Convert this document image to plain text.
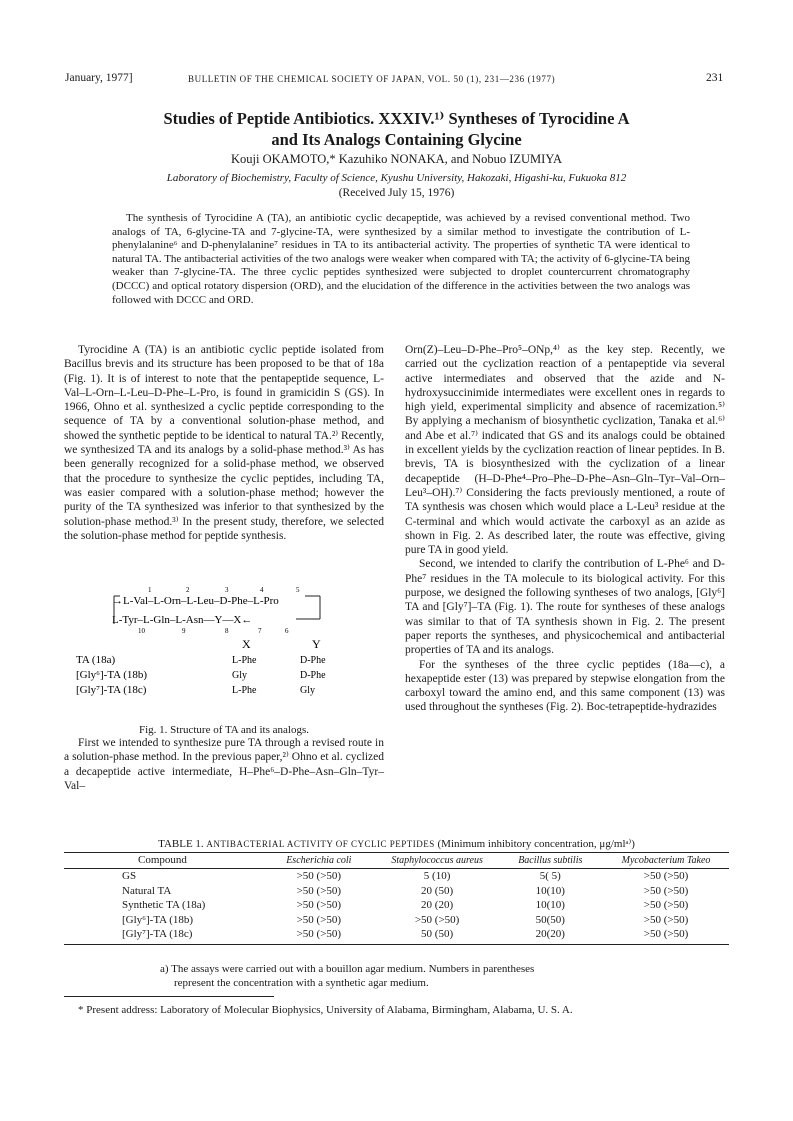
January, 1977]	BULLETIN OF THE CHEMICAL SOCIETY OF JAPAN, VOL. 50 (1), 231—236 (1977)	231
Studies of Peptide Antibiotics. XXXIV.¹⁾ Syntheses of Tyrocidine A
and Its Analogs Containing Glycine
Kouji OKAMOTO,* Kazuhiko NONAKA, and Nobuo IZUMIYA
Laboratory of Biochemistry, Faculty of Science, Kyushu University, Hakozaki, Higashi-ku, Fukuoka 812
(Received July 15, 1976)
The synthesis of Tyrocidine A (TA), an antibiotic cyclic decapeptide, was achieved by a revised conventional method. Two analogs of TA, 6-glycine-TA and 7-glycine-TA, were synthesized by a similar method to investigate the contribution of L-phenylalanine⁶ and D-phenylalanine⁷ residues in TA to its antibacterial activity. The properties of synthetic TA were identical to natural TA. The antibacterial activities of the two analogs were weaker when compared with TA; the activity of 6-glycine-TA being weaker than 7-glycine-TA. The three cyclic peptides synthesized were subjected to droplet countercurrent chromatography (DCCC) and optical rotatory dispersion (ORD), and the elucidation of the difference in the activities between the two analogs was followed with DCCC and ORD.

Tyrocidine A (TA) is an antibiotic cyclic peptide isolated from Bacillus brevis and its structure has been proposed to be that of 18a (Fig. 1). It is of interest to note that the pentapeptide sequence, L-Val–L-Orn–L-Leu–D-Phe–L-Pro, is found in gramicidin S (GS). In 1966, Ohno et al. synthesized a cyclic peptide corresponding to the sequence of TA by a conventional solution-phase method, and showed the synthetic peptide to be identical to natural TA.²⁾ Recently, we synthesized TA and its analogs by a solid-phase method.³⁾ As has been generally recognized for a solid-phase method, we observed that the procedure to synthesize the cyclic peptides, including TA, was easier compared with a solution-phase method; however the purity of the TA synthesized was inferior to that synthesized by the solution-phase method.³⁾ In the present study, therefore, we selected the solution-phase method for peptide synthesis.

1	2	3	4	5
→L-Val–L-Orn–L-Leu–D-Phe–L-Pro
L-Tyr–L-Gln–L-Asn—Y—X←
10	9	8	7	6
X	Y
TA (18a)	L-Phe	D-Phe
[Gly⁶]-TA (18b)	Gly	D-Phe
[Gly⁷]-TA (18c)	L-Phe	Gly
Fig. 1. Structure of TA and its analogs.

First we intended to synthesize pure TA through a revised route in a solution-phase method. In the previous paper,²⁾ Ohno et al. cyclized a decapeptide active intermediate, H–Phe⁶–D-Phe–Asn–Gln–Tyr–Val–

Orn(Z)–Leu–D-Phe–Pro⁵–ONp,⁴⁾ as the key step. Recently, we carried out the cyclization reaction of a pentapeptide via several active intermediates and observed that the azide and N-hydroxysuccinimide intermediates were excellent ones in regards to high yield, experimental simplicity and absence of racemization.⁵⁾ By applying a mechanism of biosynthetic cyclization, Tanaka et al.⁶⁾ and Abe et al.⁷⁾ indicated that GS and its analogs could be obtained in excellent yields by the cyclization reaction of linear peptides. In B. brevis, TA is biosynthesized with the cyclization of a linear decapeptide (H–D-Phe⁴–Pro–Phe–D-Phe–Asn–Gln–Tyr–Val–Orn–Leu³–OH).⁷⁾ Considering the facts previously mentioned, a route of TA synthesis was chosen which would place a L-Leu³ residue at the C-terminal and which would activate the carboxyl as an azide as shown in Fig. 2. As described later, the route was effective, giving pure TA in good yield.

Second, we intended to clarify the contribution of L-Phe⁶ and D-Phe⁷ residues in the TA molecule to its biological activity. For this purpose, we designed the following syntheses of two analogs, [Gly⁶] TA and [Gly⁷]–TA (Fig. 1). The route for syntheses of these analogs was similar to that of TA synthesis shown in Fig. 2. The present paper reports the syntheses, and physicochemical and antibacterial properties of TA and its analogs.

For the syntheses of the three cyclic peptides (18a—c), a hexapeptide ester (13) was prepared by stepwise elongation from the carboxyl toward the amino end, and this same component (13) was used throughout the syntheses (Fig. 2). Boc-tetrapeptide-hydrazides

TABLE 1. ANTIBACTERIAL ACTIVITY OF CYCLIC PEPTIDES (Minimum inhibitory concentration, μg/mlᵃ⁾)
Compound	Escherichia coli	Staphylococcus aureus	Bacillus subtilis	Mycobacterium Takeo
GS	>50 (>50)	5 (10)	5( 5)	>50 (>50)
Natural TA	>50 (>50)	20 (50)	10(10)	>50 (>50)
Synthetic TA (18a)	>50 (>50)	20 (20)	10(10)	>50 (>50)
[Gly⁶]-TA (18b)	>50 (>50)	>50 (>50)	50(50)	>50 (>50)
[Gly⁷]-TA (18c)	>50 (>50)	50 (50)	20(20)	>50 (>50)
a) The assays were carried out with a bouillon agar medium. Numbers in parentheses
represent the concentration with a synthetic agar medium.
* Present address: Laboratory of Molecular Biophysics, University of Alabama, Birmingham, Alabama, U. S. A.
